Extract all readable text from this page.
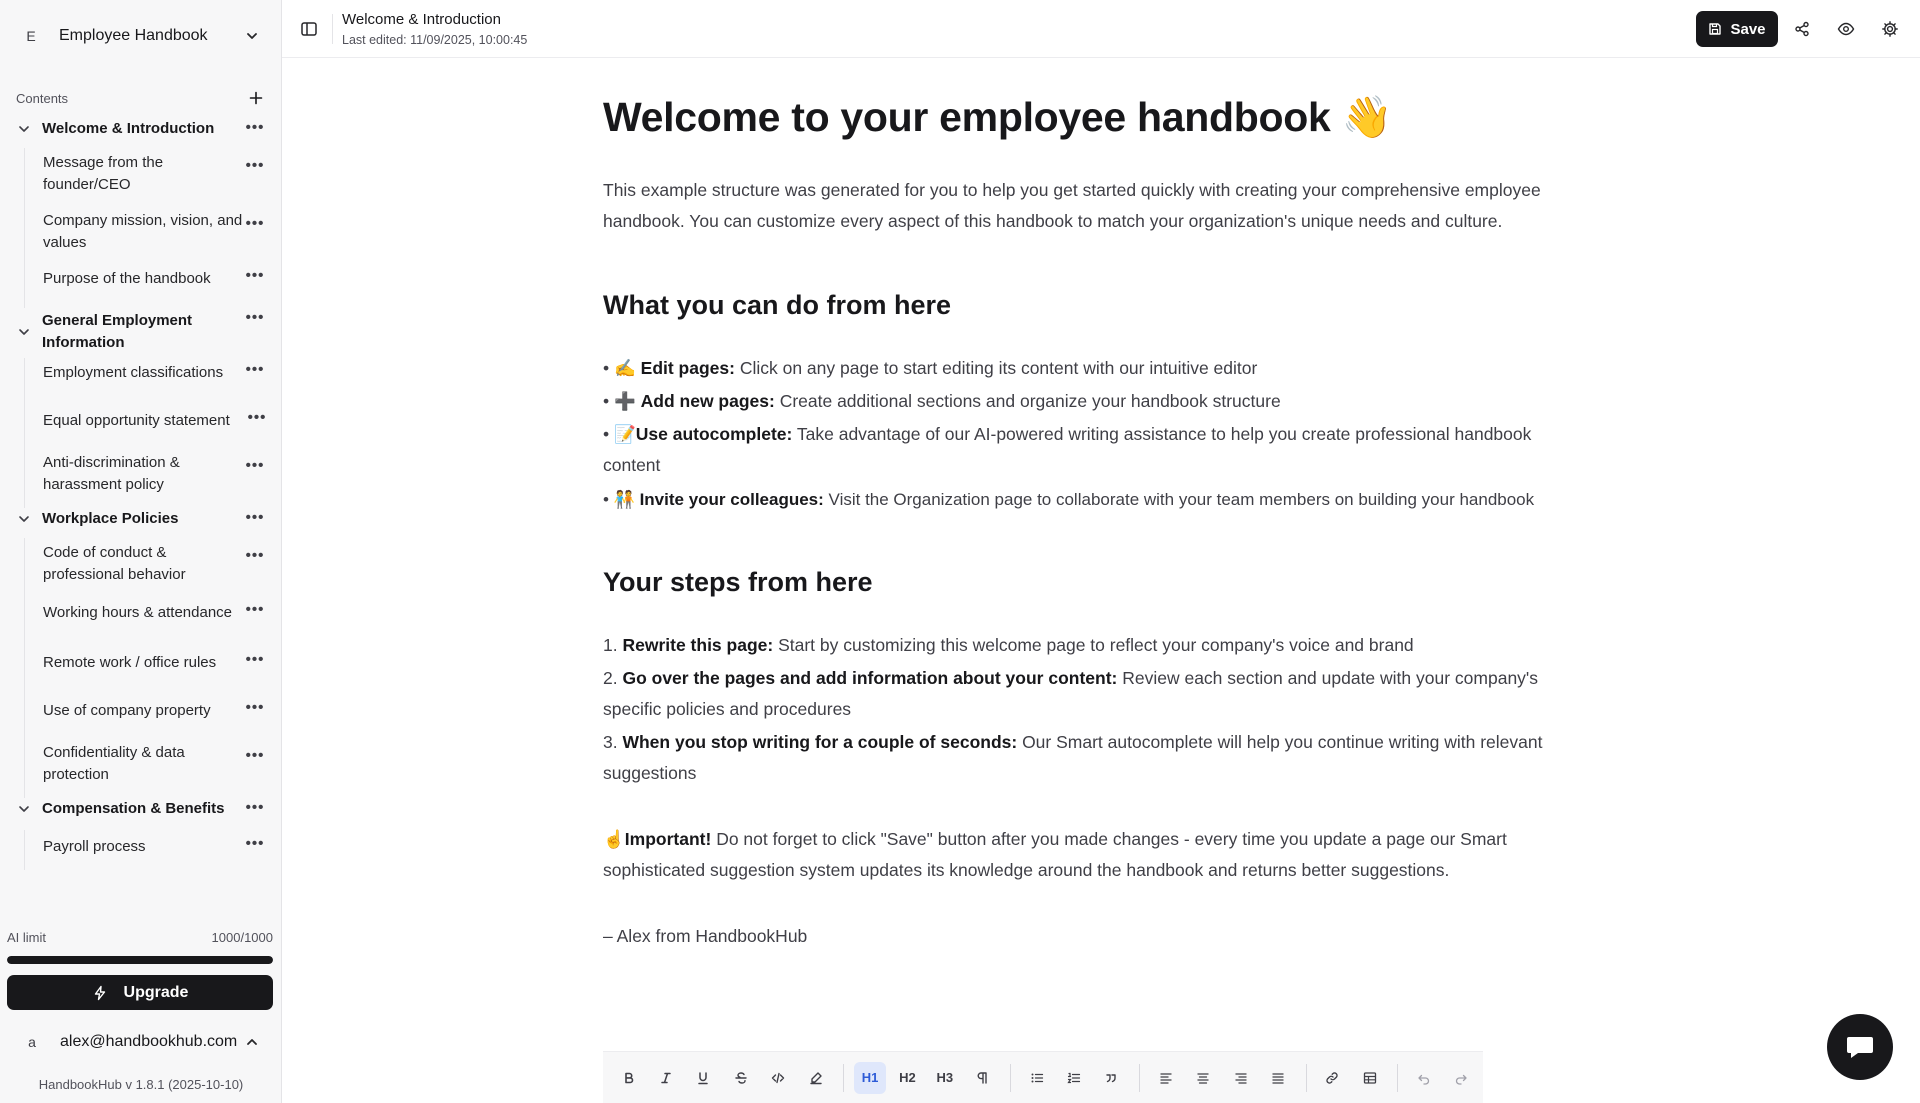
E	Employee Handbook
Contents
Welcome & Introduction	•••
Message from the founder/CEO
•••
Company mission, vision, and values
•••
Purpose of the handbook	•••
General Employment Information
•••
Employment classifications	•••
Equal opportunity statement	•••
Anti-discrimination & harassment policy
•••
Workplace Policies	•••
Code of conduct & professional behavior
•••
Working hours & attendance •••
Remote work / office rules	•••
Use of company property	•••
Confidentiality & data protection
•••
Compensation & Benefits	•••
Payroll process	•••
AI limit	1000/1000
Upgrade
a	alex@handbookhub.com
HandbookHub v 1.8.1 (2025-10-10)
Welcome & Introduction
Last edited: 11/09/2025, 10:00:45
Save
Welcome to your employee handbook 👋

This example structure was generated for you to help you get started quickly with creating your comprehensive employee handbook. You can customize every aspect of this handbook to match your organization's unique needs and culture.

What you can do from here

• ✍️ Edit pages: Click on any page to start editing its content with our intuitive editor

• ➕ Add new pages: Create additional sections and organize your handbook structure

• 📝Use autocomplete: Take advantage of our AI-powered writing assistance to help you create professional handbook content

• 🧑‍🤝‍🧑 Invite your colleagues: Visit the Organization page to collaborate with your team members on building your handbook

Your steps from here

1. Rewrite this page: Start by customizing this welcome page to reflect your company's voice and brand

2. Go over the pages and add information about your content: Review each section and update with your company's specific policies and procedures

3. When you stop writing for a couple of seconds: Our Smart autocomplete will help you continue writing with relevant suggestions

☝️Important! Do not forget to click "Save" button after you made changes - every time you update a page our Smart sophisticated suggestion system updates its knowledge around the handbook and returns better suggestions.

– Alex from HandbookHub

H1	H2	H3
